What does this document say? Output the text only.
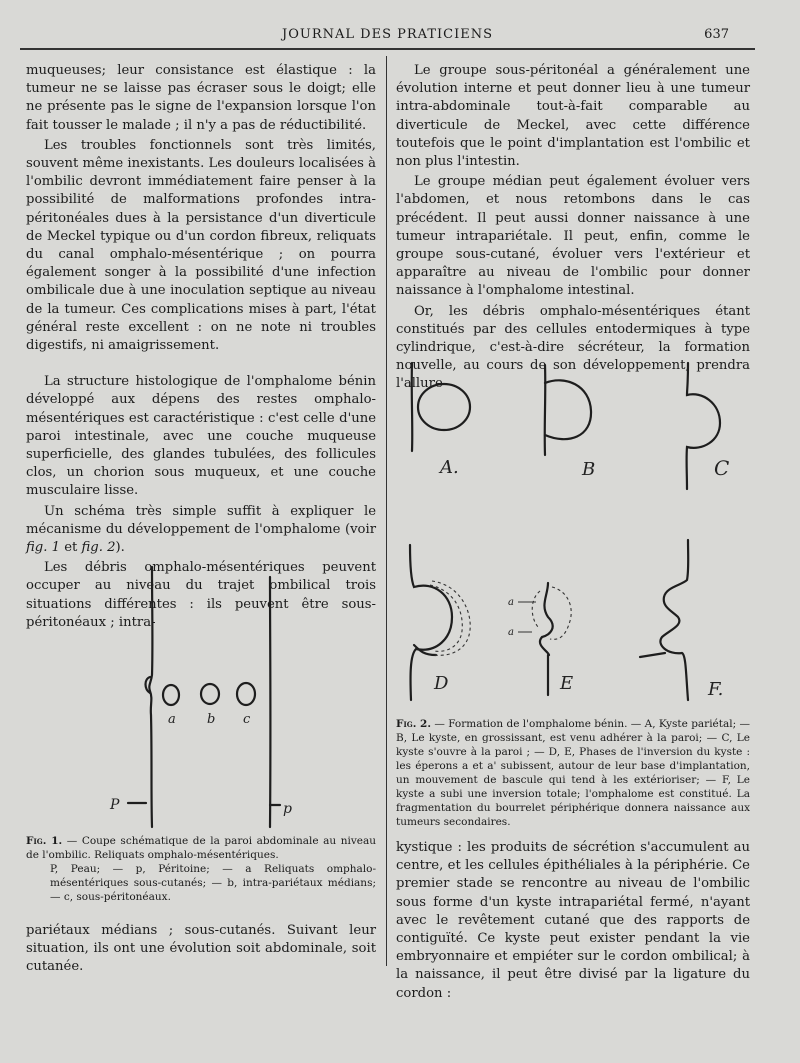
JOURNAL DES PRATICIENS	637

muqueuses; leur consistance est élastique : la tumeur ne se laisse pas écraser sous le doigt; elle ne présente pas le signe de l'expansion lorsque l'on fait tousser le malade ; il n'y a pas de réductibilité.

Les troubles fonctionnels sont très limités, souvent même inexistants. Les douleurs localisées à l'ombilic devront immédiatement faire penser à la possibilité de malformations profondes intra-péritonéales dues à la persistance d'un diverticule de Meckel typique ou d'un cordon fibreux, reliquats du canal omphalo-mésentérique ; on pourra également songer à la possibilité d'une infection ombilicale due à une inoculation septique au niveau de la tumeur. Ces complications mises à part, l'état général reste excellent : on ne note ni troubles digestifs, ni amaigrissement.

La structure histologique de l'omphalome bénin développé aux dépens des restes omphalo-mésentériques est caractéristique : c'est celle d'une paroi intestinale, avec une couche muqueuse superficielle, des glandes tubulées, des follicules clos, un chorion sous muqueux, et une couche musculaire lisse.

Un schéma très simple suffit à expliquer le mécanisme du développement de l'omphalome (voir fig. 1 et fig. 2).

Les débris omphalo-mésentériques peuvent occuper au niveau du trajet ombilical trois situations différentes : ils peuvent être sous-péritonéaux ; intra-

a b c
P	p
Fig. 1. — Coupe schématique de la paroi abdominale au niveau de l'ombilic. Reliquats omphalo-mésentériques.
P, Peau; — p, Péritoine; — a Reliquats omphalo-mésentériques sous-cutanés; — b, intra-pariétaux médians; — c, sous-péritonéaux.

pariétaux médians ; sous-cutanés. Suivant leur situation, ils ont une évolution soit abdominale, soit cutanée.

Le groupe sous-péritonéal a généralement une évolution interne et peut donner lieu à une tumeur intra-abdominale tout-à-fait comparable au diverticule de Meckel, avec cette différence toutefois que le point d'implantation est l'ombilic et non plus l'intestin.

Le groupe médian peut également évoluer vers l'abdomen, et nous retombons dans le cas précédent. Il peut aussi donner naissance à une tumeur intrapariétale. Il peut, enfin, comme le groupe sous-cutané, évoluer vers l'extérieur et apparaître au niveau de l'ombilic pour donner naissance à l'omphalome intestinal.

Or, les débris omphalo-mésentériques étant constitués par des cellules entodermiques à type cylindrique, c'est-à-dire sécréteur, la formation nouvelle, au cours de son développement, prendra l'allure

A.	B	C
D	E	F.
a
a
Fig. 2. — Formation de l'omphalome bénin. — A, Kyste pariétal; — B, Le kyste, en grossissant, est venu adhérer à la paroi; — C, Le kyste s'ouvre à la paroi ; — D, E, Phases de l'inversion du kyste : les éperons a et a' subissent, autour de leur base d'implantation, un mouvement de bascule qui tend à les extérioriser; — F, Le kyste a subi une inversion totale; l'omphalome est constitué. La fragmentation du bourrelet périphérique donnera naissance aux tumeurs secondaires.

kystique : les produits de sécrétion s'accumulent au centre, et les cellules épithéliales à la périphérie. Ce premier stade se rencontre au niveau de l'ombilic sous forme d'un kyste intrapariétal fermé, n'ayant avec le revêtement cutané que des rapports de contiguïté. Ce kyste peut exister pendant la vie embryonnaire et empiéter sur le cordon ombilical; à la naissance, il peut être divisé par la ligature du cordon :
